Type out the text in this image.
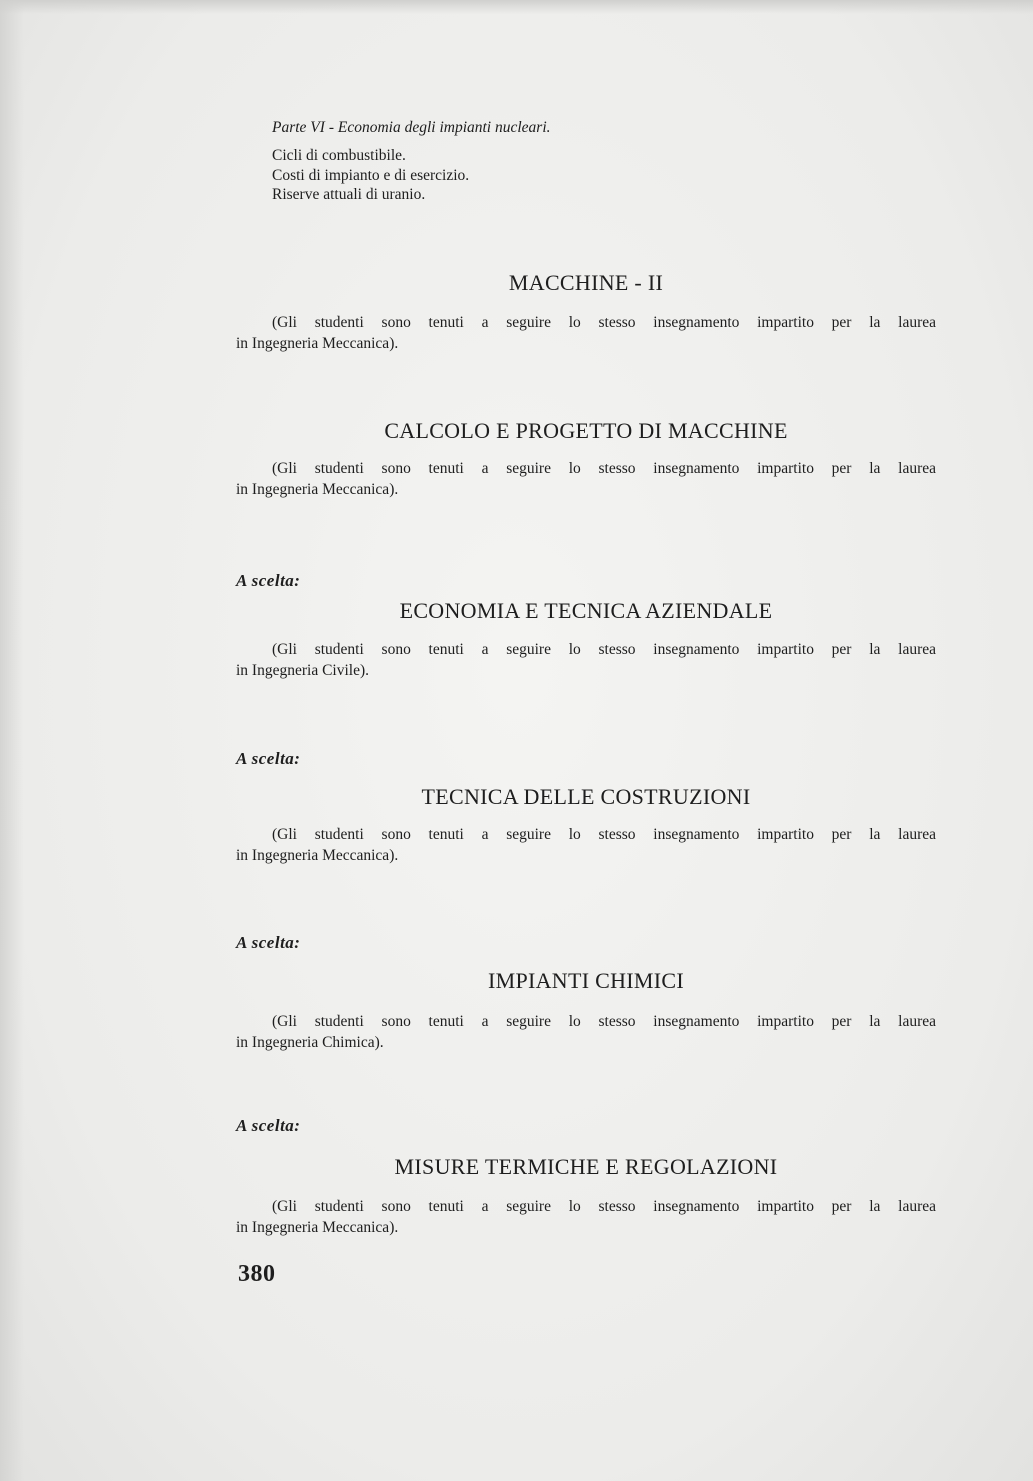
Parte VI - Economia degli impianti nucleari.
Cicli di combustibile.
Costi di impianto e di esercizio.
Riserve attuali di uranio.
MACCHINE - II
(Gli studenti sono tenuti a seguire lo stesso insegnamento impartito per la laurea
in Ingegneria Meccanica).
CALCOLO E PROGETTO DI MACCHINE
(Gli studenti sono tenuti a seguire lo stesso insegnamento impartito per la laurea
in Ingegneria Meccanica).
A scelta:
ECONOMIA E TECNICA AZIENDALE
(Gli studenti sono tenuti a seguire lo stesso insegnamento impartito per la laurea
in Ingegneria Civile).
A scelta:
TECNICA DELLE COSTRUZIONI
(Gli studenti sono tenuti a seguire lo stesso insegnamento impartito per la laurea
in Ingegneria Meccanica).
A scelta:
IMPIANTI CHIMICI
(Gli studenti sono tenuti a seguire lo stesso insegnamento impartito per la laurea
in Ingegneria Chimica).
A scelta:
MISURE TERMICHE E REGOLAZIONI
(Gli studenti sono tenuti a seguire lo stesso insegnamento impartito per la laurea
in Ingegneria Meccanica).
380
